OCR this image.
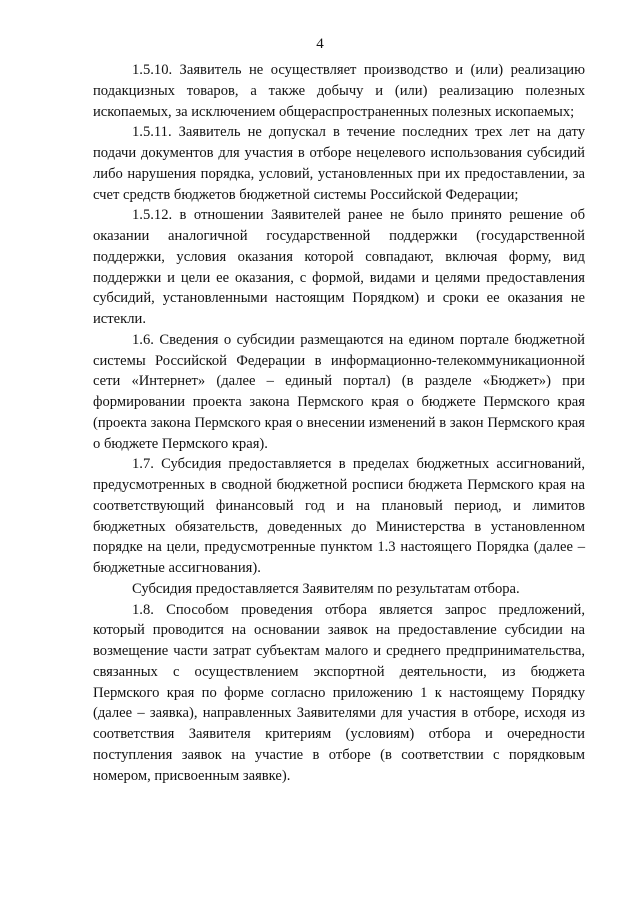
4

1.5.10. Заявитель не осуществляет производство и (или) реализацию подакцизных товаров, а также добычу и (или) реализацию полезных ископаемых, за исключением общераспространенных полезных ископаемых;

1.5.11. Заявитель не допускал в течение последних трех лет на дату подачи документов для участия в отборе нецелевого использования субсидий либо нарушения порядка, условий, установленных при их предоставлении, за счет средств бюджетов бюджетной системы Российской Федерации;

1.5.12. в отношении Заявителей ранее не было принято решение об оказании аналогичной государственной поддержки (государственной поддержки, условия оказания которой совпадают, включая форму, вид поддержки и цели ее оказания, с формой, видами и целями предоставления субсидий, установленными настоящим Порядком) и сроки ее оказания не истекли.

1.6. Сведения о субсидии размещаются на едином портале бюджетной системы Российской Федерации в информационно-телекоммуникационной сети «Интернет» (далее – единый портал) (в разделе «Бюджет») при формировании проекта закона Пермского края о бюджете Пермского края (проекта закона Пермского края о внесении изменений в закон Пермского края о бюджете Пермского края).

1.7. Субсидия предоставляется в пределах бюджетных ассигнований, предусмотренных в сводной бюджетной росписи бюджета Пермского края на соответствующий финансовый год и на плановый период, и лимитов бюджетных обязательств, доведенных до Министерства в установленном порядке на цели, предусмотренные пунктом 1.3 настоящего Порядка (далее – бюджетные ассигнования).

Субсидия предоставляется Заявителям по результатам отбора.

1.8. Способом проведения отбора является запрос предложений, который проводится на основании заявок на предоставление субсидии на возмещение части затрат субъектам малого и среднего предпринимательства, связанных с осуществлением экспортной деятельности, из бюджета Пермского края по форме согласно приложению 1 к настоящему Порядку (далее – заявка), направленных Заявителями для участия в отборе, исходя из соответствия Заявителя критериям (условиям) отбора и очередности поступления заявок на участие в отборе (в соответствии с порядковым номером, присвоенным заявке).
